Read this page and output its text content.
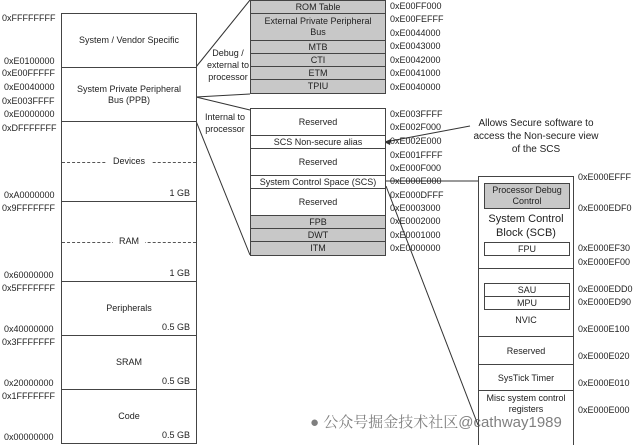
System / Vendor Specific
System Private Peripheral Bus (PPB)
Devices
1 GB
RAM
1 GB
Peripherals
0.5 GB
SRAM
0.5 GB
Code
0.5 GB
0xFFFFFFFF
0xE0100000
0xE00FFFFF
0xE0040000
0xE003FFFF
0xE0000000
0xDFFFFFFF
0xA0000000
0x9FFFFFFF
0x60000000
0x5FFFFFFF
0x40000000
0x3FFFFFFF
0x20000000
0x1FFFFFFF
0x00000000
Debug / external to processor
ROM Table
External Private Peripheral Bus
MTB
CTI
ETM
TPIU
0xE00FF000
0xE00FEFFF
0xE0044000
0xE0043000
0xE0042000
0xE0041000
0xE0040000
Internal to processor
Reserved
SCS Non-secure alias
Reserved
System Control Space (SCS)
Reserved
FPB
DWT
ITM
0xE003FFFF
0xE002F000
0xE002E000
0xE001FFFF
0xE000F000
0xE000E000
0xE000DFFF
0xE0003000
0xE0002000
0xE0001000
0xE0000000
Allows Secure software to access the Non-secure view of the SCS
Processor Debug Control
System Control Block (SCB)
FPU
SAU
MPU
NVIC
Reserved
SysTick Timer
Misc system control registers
0xE000EFFF
0xE000EDF0
0xE000EF30
0xE000EF00
0xE000EDD0
0xE000ED90
0xE000E100
0xE000E020
0xE000E010
0xE000E000
● 公众号掘金技术社区@cathway1989
